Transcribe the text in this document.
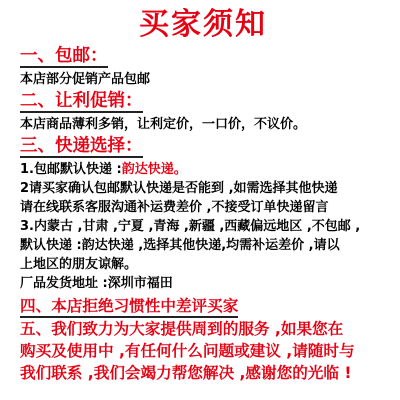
买家须知
一、包邮：
本店部分促销产品包邮
二、让利促销：
本店商品薄利多销，让利定价，一口价，不议价。
三、快递选择：
1.包邮默认快递 :韵达快递。
2请买家确认包邮默认快递是否能到 ,如需选择其他快递
请在线联系客服沟通补运费差价 ,不接受订单快递留言
3.内蒙古 ,甘肃 ,宁夏 ,青海 ,新疆 ,西藏偏远地区 ,不包邮 ,
默认快递 :韵达快递 ,选择其他快递,均需补运差价 ,请以
上地区的朋友谅解。
厂品发货地址 :深圳市福田
四、本店拒绝习惯性中差评买家
五、我们致力为大家提供周到的服务 ,如果您在
购买及使用中 ,有任何什么问题或建议 ,请随时与
我们联系 ,我们会竭力帮您解决 ,感谢您的光临 !
